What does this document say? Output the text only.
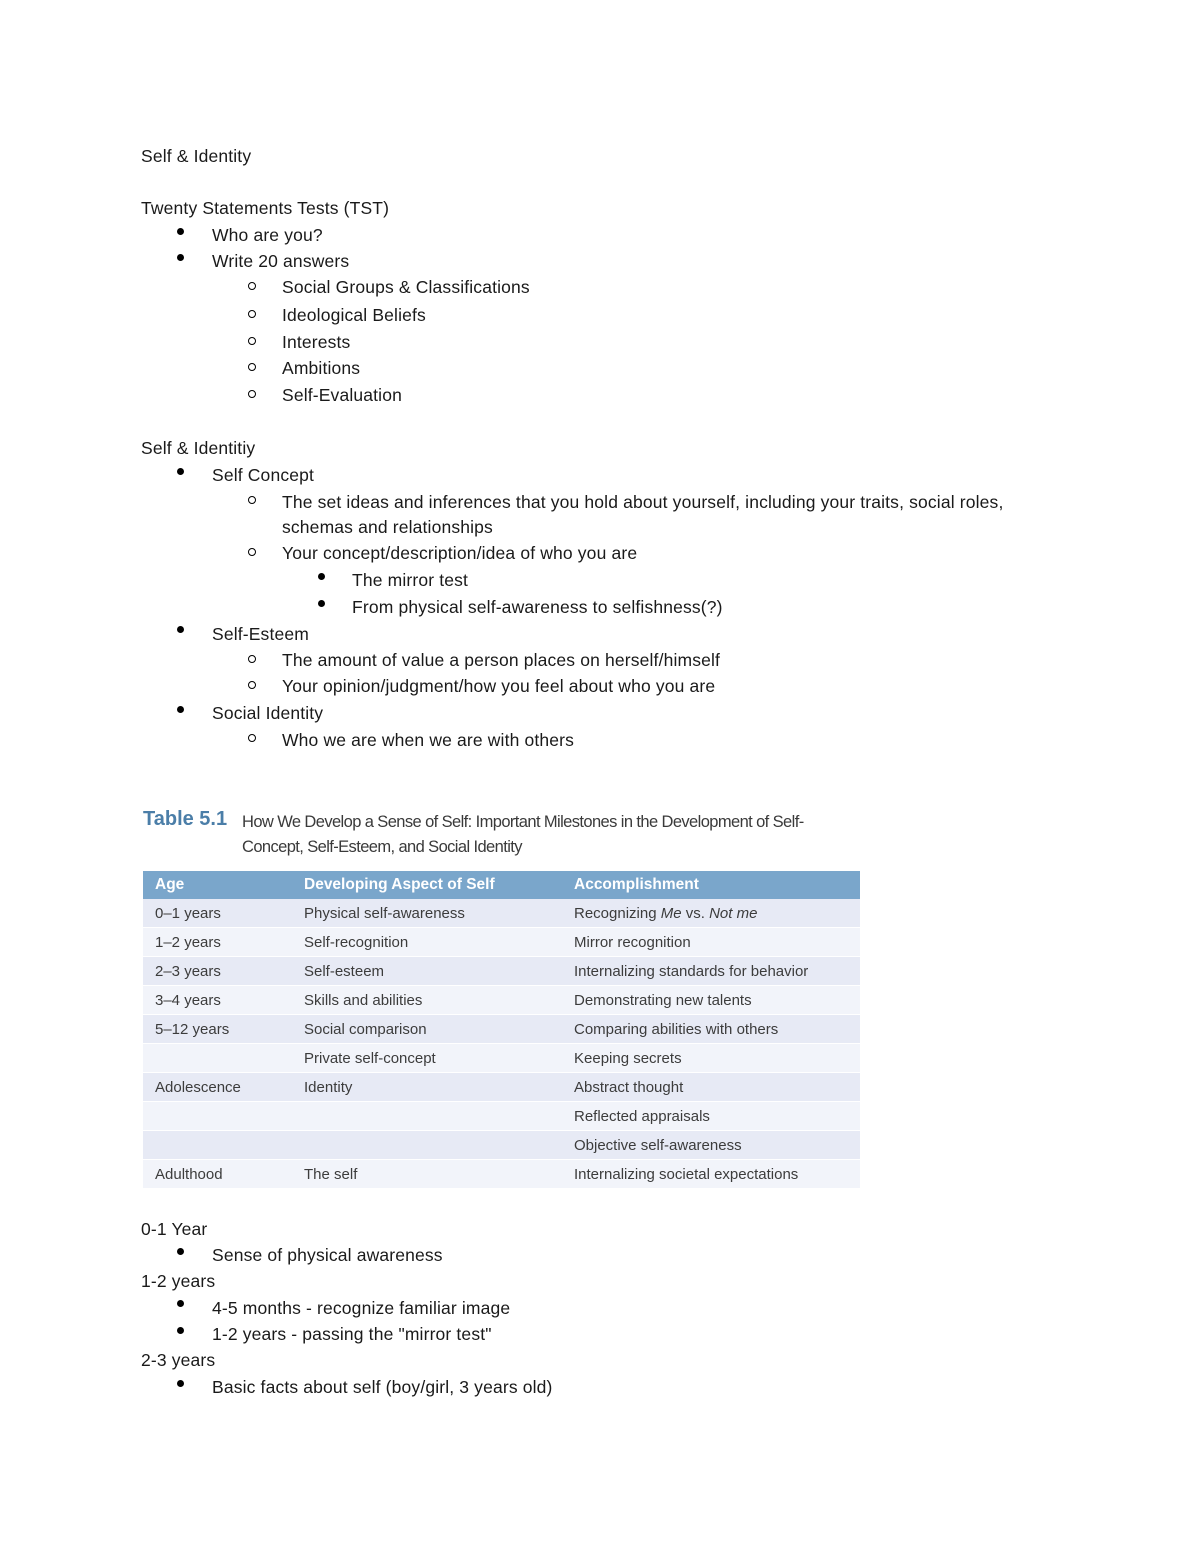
Self & Identity
Twenty Statements Tests (TST)
Who are you?
Write 20 answers
Social Groups & Classifications
Ideological Beliefs
Interests
Ambitions
Self-Evaluation
Self & Identitiy
Self Concept
The set ideas and inferences that you hold about yourself, including your traits, social roles, schemas and relationships
Your concept/description/idea of who you are
The mirror test
From physical self-awareness to selfishness(?)
Self-Esteem
The amount of value a person places on herself/himself
Your opinion/judgment/how you feel about who you are
Social Identity
Who we are when we are with others
Table 5.1 How We Develop a Sense of Self: Important Milestones in the Development of Self-Concept, Self-Esteem, and Social Identity
Age	Developing Aspect of Self	Accomplishment
0–1 years	Physical self-awareness	Recognizing Me vs. Not me
1–2 years	Self-recognition	Mirror recognition
2–3 years	Self-esteem	Internalizing standards for behavior
3–4 years	Skills and abilities	Demonstrating new talents
5–12 years	Social comparison	Comparing abilities with others
	Private self-concept	Keeping secrets
Adolescence	Identity	Abstract thought
		Reflected appraisals
		Objective self-awareness
Adulthood	The self	Internalizing societal expectations
0-1 Year
Sense of physical awareness
1-2 years
4-5 months - recognize familiar image
1-2 years - passing the "mirror test"
2-3 years
Basic facts about self (boy/girl, 3 years old)
